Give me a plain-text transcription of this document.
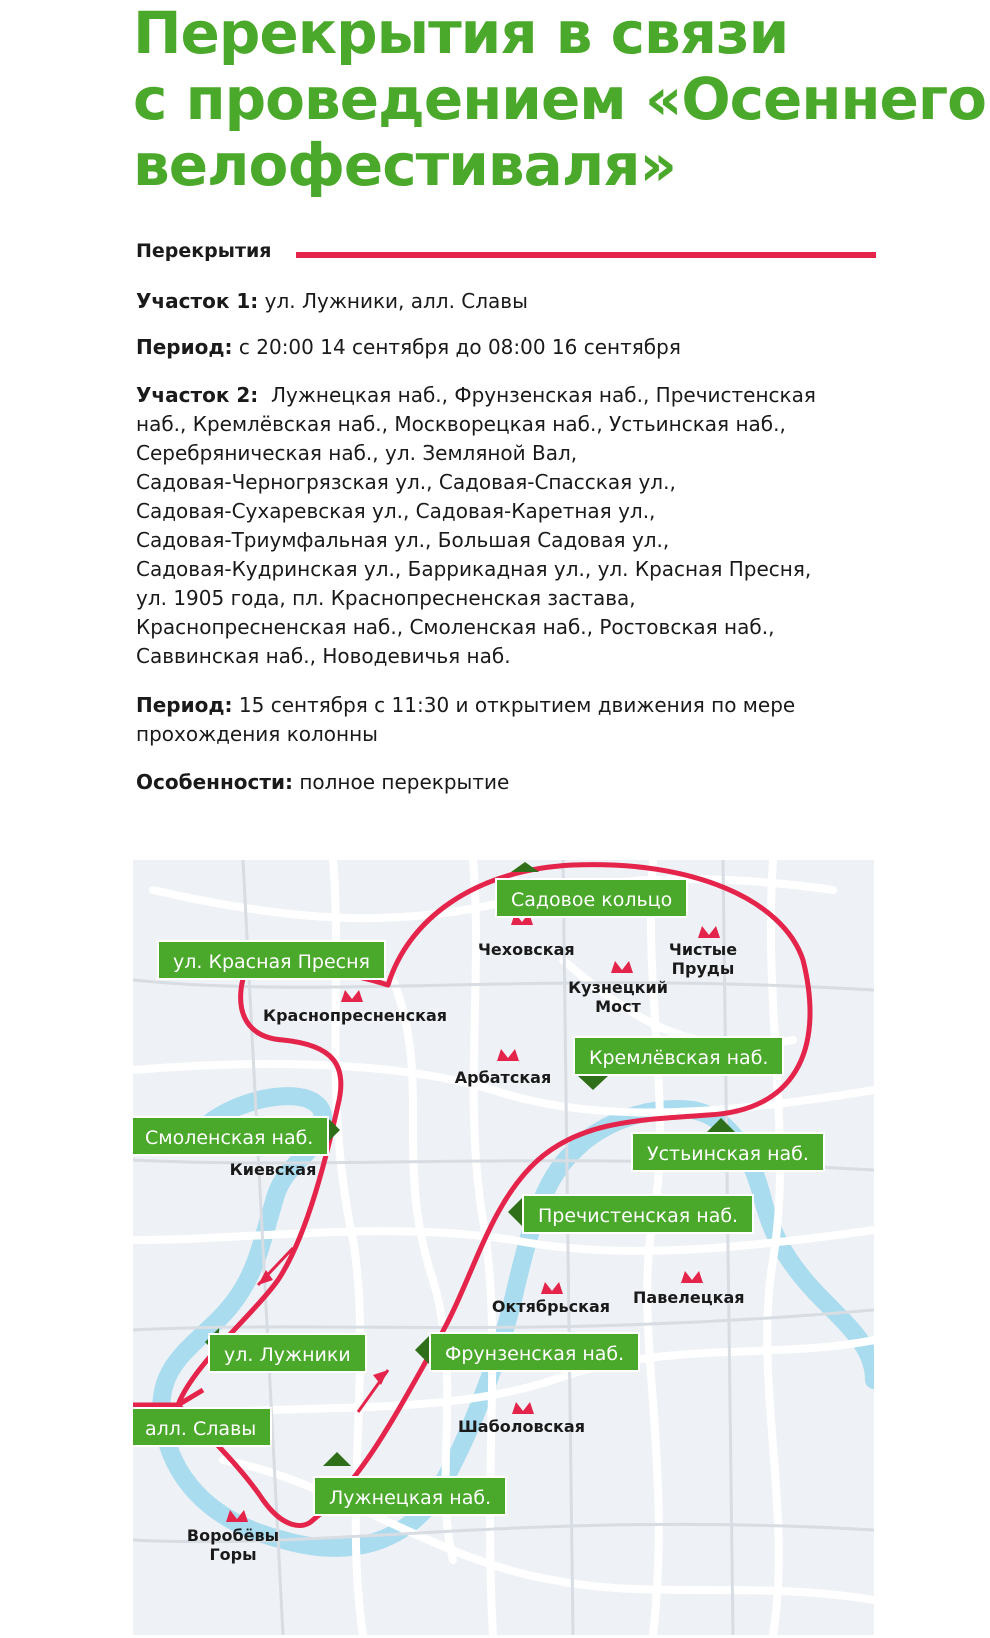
Перекрытия в связи
с проведением «Осеннего
велофестиваля»
Перекрытия
Участок 1: ул. Лужники, алл. Славы
Период: с 20:00 14 сентября до 08:00 16 сентября
Участок 2:  Лужнецкая наб., Фрунзенская наб., Пречистенская
наб., Кремлёвская наб., Москворецкая наб., Устьинская наб.,
Серебряническая наб., ул. Земляной Вал,
Садовая-Черногрязская ул., Садовая-Спасская ул.,
Садовая-Сухаревская ул., Садовая-Каретная ул.,
Садовая-Триумфальная ул., Большая Садовая ул.,
Садовая-Кудринская ул., Баррикадная ул., ул. Красная Пресня,
ул. 1905 года, пл. Краснопресненская застава,
Краснопресненская наб., Смоленская наб., Ростовская наб.,
Саввинская наб., Новодевичья наб.
Период: 15 сентября с 11:30 и открытием движения по мере
прохождения колонны
Особенности: полное перекрытие
Садовое кольцо
ул. Красная Пресня
Кремлёвская наб.
Смоленская наб.
Устьинская наб.
Пречистенская наб.
Фрунзенская наб.
ул. Лужники
алл. Славы
Лужнецкая наб.
Чеховская	Чистые
Пруды
Кузнецкий
Мост
Краснопресненская
Арбатская
Киевская
Октябрьская Павелецкая
Шаболовская
Воробёвы Горы
